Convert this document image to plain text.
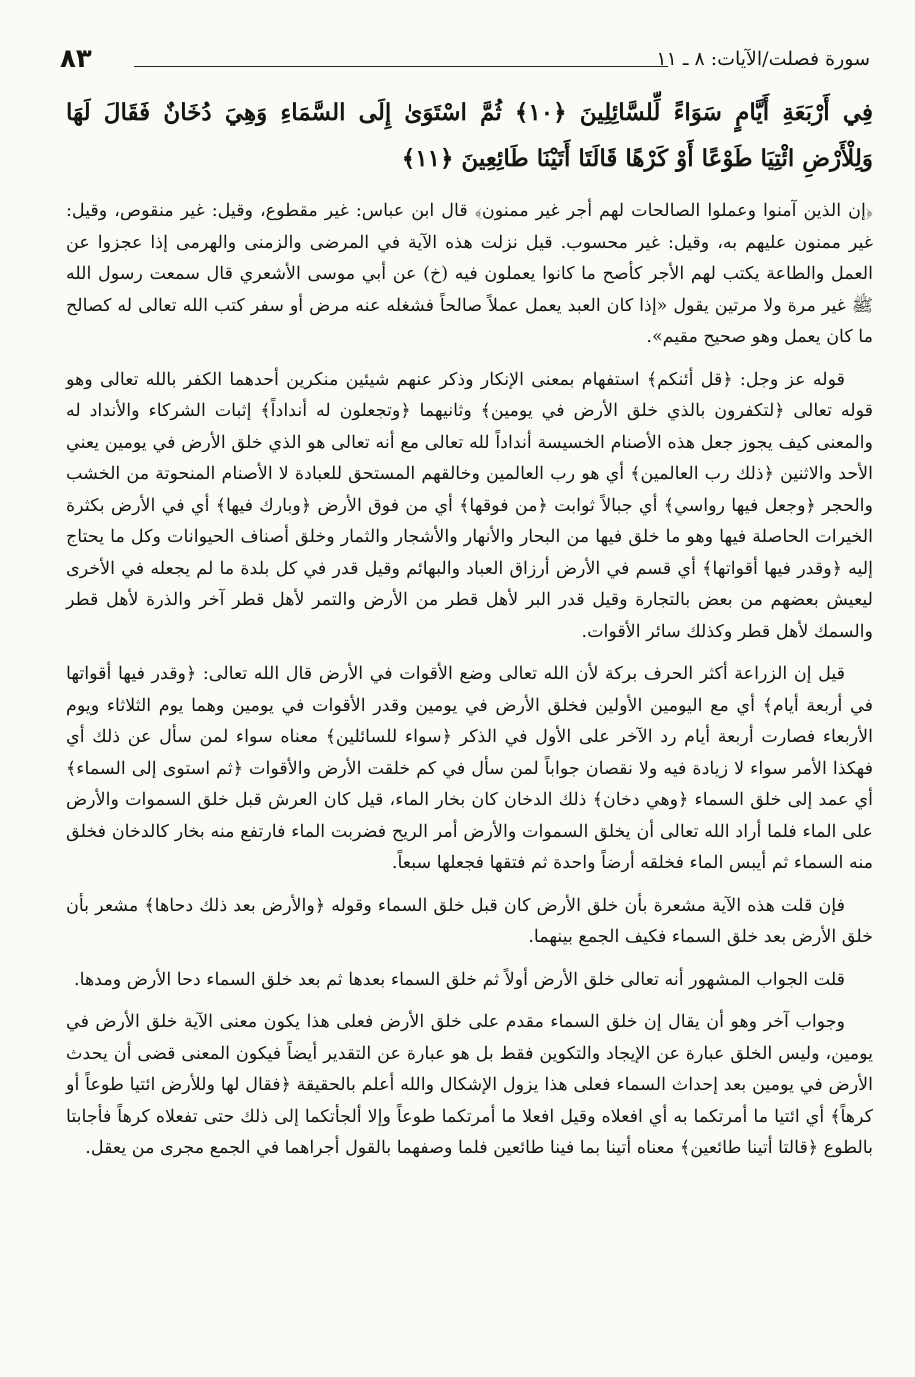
سورة فصلت/الآيات: ٨ ـ ١١
٨٣
فِي أَرْبَعَةِ أَيَّامٍ سَوَاءً لِّلسَّائِلِينَ ﴿١٠﴾ ثُمَّ اسْتَوَىٰ إِلَى السَّمَاءِ وَهِيَ دُخَانٌ فَقَالَ لَهَا وَلِلْأَرْضِ ائْتِيَا طَوْعًا أَوْ كَرْهًا قَالَتَا أَتَيْنَا طَائِعِينَ ﴿١١﴾

﴿إن الذين آمنوا وعملوا الصالحات لهم أجر غير ممنون﴾ قال ابن عباس: غير مقطوع، وقيل: غير منقوص، وقيل: غير ممنون عليهم به، وقيل: غير محسوب. قيل نزلت هذه الآية في المرضى والزمنى والهرمى إذا عجزوا عن العمل والطاعة يكتب لهم الأجر كأصح ما كانوا يعملون فيه (خ) عن أبي موسى الأشعري قال سمعت رسول الله ﷺ غير مرة ولا مرتين يقول «إذا كان العبد يعمل عملاً صالحاً فشغله عنه مرض أو سفر كتب الله تعالى له كصالح ما كان يعمل وهو صحيح مقيم».

قوله عز وجل: ﴿قل أئنكم﴾ استفهام بمعنى الإنكار وذكر عنهم شيئين منكرين أحدهما الكفر بالله تعالى وهو قوله تعالى ﴿لتكفرون بالذي خلق الأرض في يومين﴾ وثانيهما ﴿وتجعلون له أنداداً﴾ إثبات الشركاء والأنداد له والمعنى كيف يجوز جعل هذه الأصنام الخسيسة أنداداً لله تعالى مع أنه تعالى هو الذي خلق الأرض في يومين يعني الأحد والاثنين ﴿ذلك رب العالمين﴾ أي هو رب العالمين وخالقهم المستحق للعبادة لا الأصنام المنحوتة من الخشب والحجر ﴿وجعل فيها رواسي﴾ أي جبالاً ثوابت ﴿من فوقها﴾ أي من فوق الأرض ﴿وبارك فيها﴾ أي في الأرض بكثرة الخيرات الحاصلة فيها وهو ما خلق فيها من البحار والأنهار والأشجار والثمار وخلق أصناف الحيوانات وكل ما يحتاج إليه ﴿وقدر فيها أقواتها﴾ أي قسم في الأرض أرزاق العباد والبهائم وقيل قدر في كل بلدة ما لم يجعله في الأخرى ليعيش بعضهم من بعض بالتجارة وقيل قدر البر لأهل قطر من الأرض والتمر لأهل قطر آخر والذرة لأهل قطر والسمك لأهل قطر وكذلك سائر الأقوات.

قيل إن الزراعة أكثر الحرف بركة لأن الله تعالى وضع الأقوات في الأرض قال الله تعالى: ﴿وقدر فيها أقواتها في أربعة أيام﴾ أي مع اليومين الأولين فخلق الأرض في يومين وقدر الأقوات في يومين وهما يوم الثلاثاء ويوم الأربعاء فصارت أربعة أيام رد الآخر على الأول في الذكر ﴿سواء للسائلين﴾ معناه سواء لمن سأل عن ذلك أي فهكذا الأمر سواء لا زيادة فيه ولا نقصان جواباً لمن سأل في كم خلقت الأرض والأقوات ﴿ثم استوى إلى السماء﴾ أي عمد إلى خلق السماء ﴿وهي دخان﴾ ذلك الدخان كان بخار الماء، قيل كان العرش قبل خلق السموات والأرض على الماء فلما أراد الله تعالى أن يخلق السموات والأرض أمر الريح فضربت الماء فارتفع منه بخار كالدخان فخلق منه السماء ثم أيبس الماء فخلقه أرضاً واحدة ثم فتقها فجعلها سبعاً.

فإن قلت هذه الآية مشعرة بأن خلق الأرض كان قبل خلق السماء وقوله ﴿والأرض بعد ذلك دحاها﴾ مشعر بأن خلق الأرض بعد خلق السماء فكيف الجمع بينهما.

قلت الجواب المشهور أنه تعالى خلق الأرض أولاً ثم خلق السماء بعدها ثم بعد خلق السماء دحا الأرض ومدها.

وجواب آخر وهو أن يقال إن خلق السماء مقدم على خلق الأرض فعلى هذا يكون معنى الآية خلق الأرض في يومين، وليس الخلق عبارة عن الإيجاد والتكوين فقط بل هو عبارة عن التقدير أيضاً فيكون المعنى قضى أن يحدث الأرض في يومين بعد إحداث السماء فعلى هذا يزول الإشكال والله أعلم بالحقيقة ﴿فقال لها وللأرض ائتيا طوعاً أو كرهاً﴾ أي ائتيا ما أمرتكما به أي افعلاه وقيل افعلا ما أمرتكما طوعاً وإلا ألجأتكما إلى ذلك حتى تفعلاه كرهاً فأجابتا بالطوع ﴿قالتا أتينا طائعين﴾ معناه أتينا بما فينا طائعين فلما وصفهما بالقول أجراهما في الجمع مجرى من يعقل.
